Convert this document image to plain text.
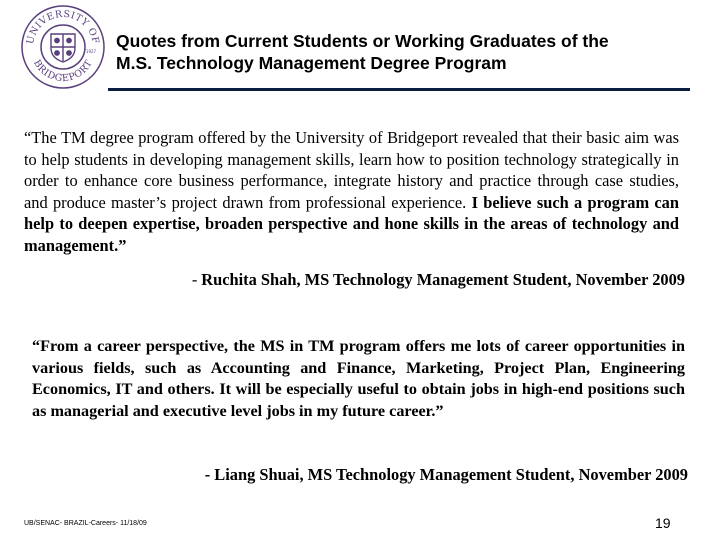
UNIVERSITY OF
BRIDGEPORT
1927
Quotes from Current Students or Working Graduates of the
M.S. Technology Management Degree Program
“The TM degree program offered by the University of Bridgeport revealed that their basic aim was to help students in developing management skills, learn how to position technology strategically in order to enhance core business performance, integrate history and practice through case studies, and produce master’s project drawn from professional experience. I believe such a program can help to deepen expertise, broaden perspective and hone skills in the areas of technology and management.”
- Ruchita Shah, MS Technology Management Student, November 2009
“From a career perspective, the MS in TM program offers me lots of career opportunities in various fields, such as Accounting and Finance, Marketing, Project Plan, Engineering Economics, IT and others. It will be especially useful to obtain jobs in high-end positions such as managerial and executive level jobs in my future career.”
- Liang Shuai, MS Technology Management Student, November 2009
UB/SENAC- BRAZIL-Careers- 11/18/09	19
